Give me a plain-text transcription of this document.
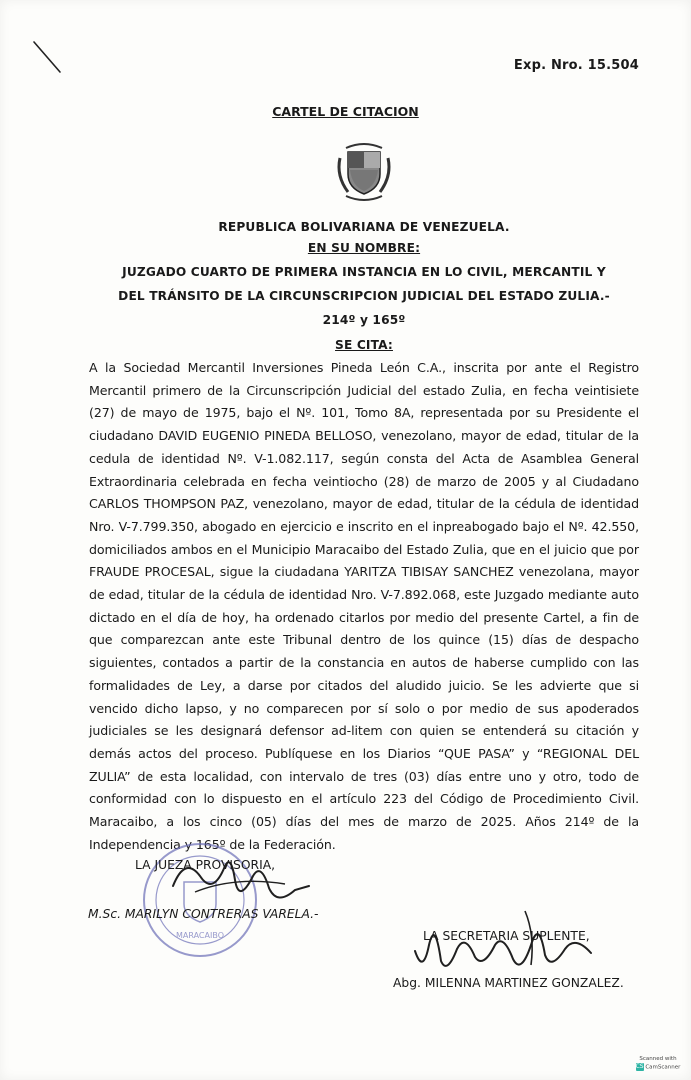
Exp. Nro. 15.504
CARTEL DE CITACION
REPUBLICA BOLIVARIANA DE VENEZUELA.
EN SU NOMBRE:
JUZGADO CUARTO DE PRIMERA INSTANCIA EN LO CIVIL, MERCANTIL Y
DEL TRÁNSITO DE LA CIRCUNSCRIPCION JUDICIAL DEL ESTADO ZULIA.-
214º y 165º
SE CITA:
A la Sociedad Mercantil Inversiones Pineda León C.A., inscrita por ante el Registro Mercantil primero de la Circunscripción Judicial del estado Zulia, en fecha veintisiete (27) de mayo de 1975, bajo el Nº. 101, Tomo 8A, representada por su Presidente el ciudadano DAVID EUGENIO PINEDA BELLOSO, venezolano, mayor de edad, titular de la cedula de identidad Nº. V-1.082.117, según consta del Acta de Asamblea General Extraordinaria celebrada en fecha veintiocho (28) de marzo de 2005 y al Ciudadano CARLOS THOMPSON PAZ, venezolano, mayor de edad, titular de la cédula de identidad Nro. V-7.799.350, abogado en ejercicio e inscrito en el inpreabogado bajo el Nº. 42.550, domiciliados ambos en el Municipio Maracaibo del Estado Zulia, que en el juicio que por FRAUDE PROCESAL, sigue la ciudadana YARITZA TIBISAY SANCHEZ venezolana, mayor de edad, titular de la cédula de identidad Nro. V-7.892.068, este Juzgado mediante auto dictado en el día de hoy, ha ordenado citarlos por medio del presente Cartel, a fin de que comparezcan ante este Tribunal dentro de los quince (15) días de despacho siguientes, contados a partir de la constancia en autos de haberse cumplido con las formalidades de Ley, a darse por citados del aludido juicio. Se les advierte que si vencido dicho lapso, y no comparecen por sí solo o por medio de sus apoderados judiciales se les designará defensor ad-litem con quien se entenderá su citación y demás actos del proceso. Publíquese en los Diarios “QUE PASA” y “REGIONAL DEL ZULIA” de esta localidad, con intervalo de tres (03) días entre uno y otro, todo de conformidad con lo dispuesto en el artículo 223 del Código de Procedimiento Civil. Maracaibo, a los cinco (05) días del mes de marzo de 2025. Años 214º de la Independencia y 165º de la Federación.
MARACAIBO
LA JUEZA PROVISORIA,
M.Sc. MARILYN CONTRERAS VARELA.-
LA SECRETARIA SUPLENTE,
Abg. MILENNA MARTINEZ GONZALEZ.
Scanned with
CS CamScanner
